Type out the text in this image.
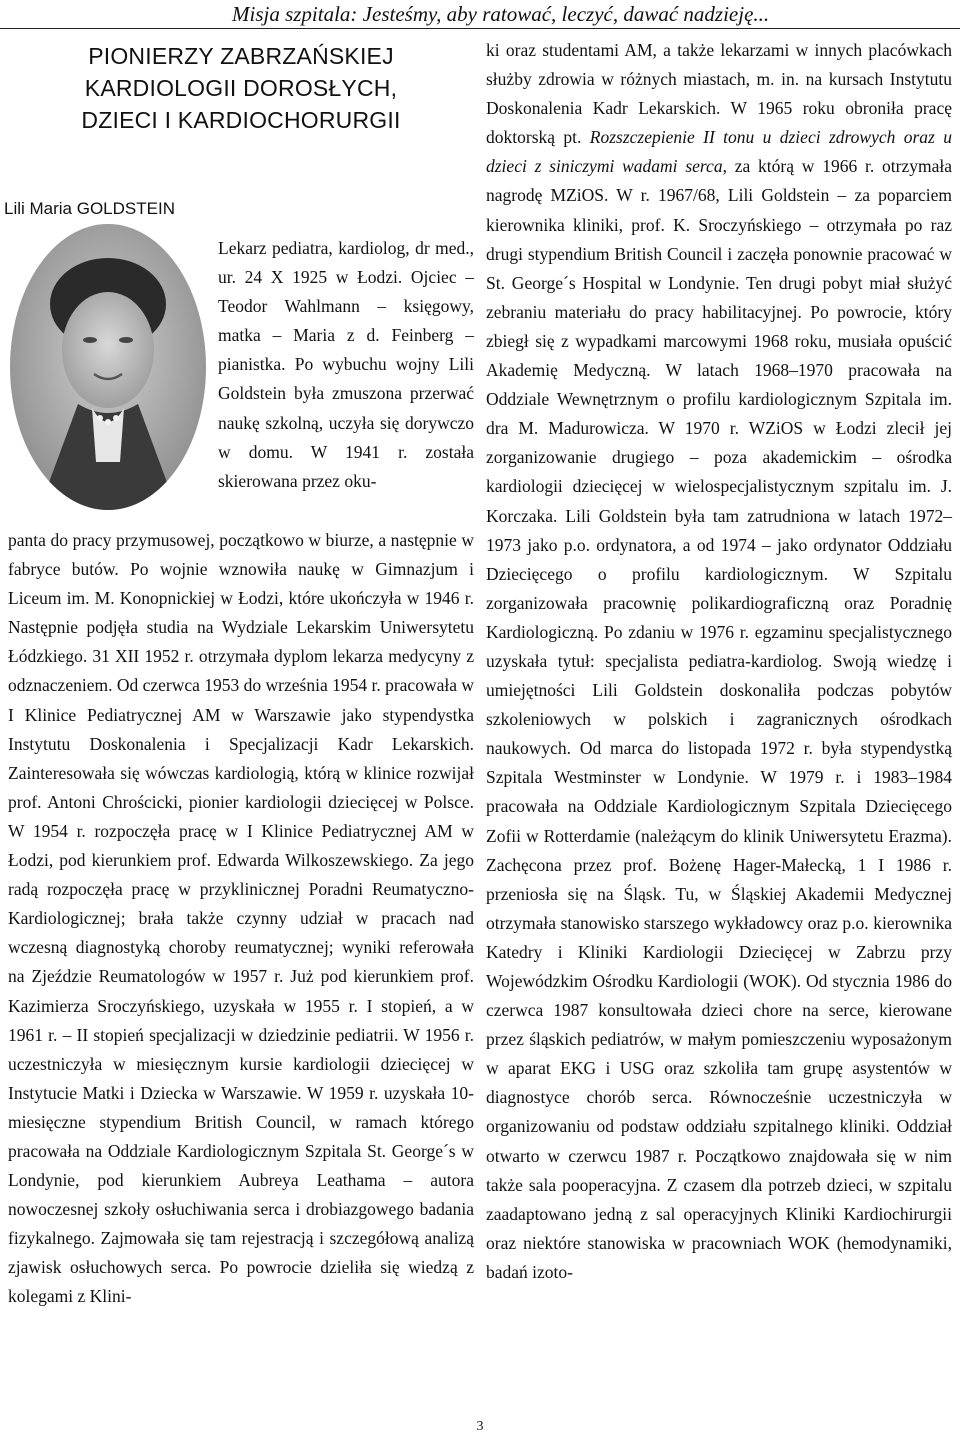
Misja szpitala: Jesteśmy, aby ratować, leczyć, dawać nadzieję...
PIONIERZY ZABRZAŃSKIEJ
KARDIOLOGII DOROSŁYCH,
DZIECI I KARDIOCHORURGII
Lili Maria GOLDSTEIN

Lekarz pediatra, kardiolog, dr med., ur. 24 X 1925 w Łodzi. Ojciec – Teodor Wahlmann – księgowy, matka – Maria z d. Feinberg – pianistka. Po wybuchu wojny Lili Goldstein była zmuszona przerwać naukę szkolną, uczyła się dorywczo w domu. W 1941 r. została skierowana przez oku-

panta do pracy przymusowej, początkowo w biurze, a następnie w fabryce butów. Po wojnie wznowiła naukę w Gimnazjum i Liceum im. M. Konopnickiej w Łodzi, które ukończyła w 1946 r. Następnie podjęła studia na Wydziale Lekarskim Uniwersytetu Łódzkiego. 31 XII 1952 r. otrzymała dyplom lekarza medycyny z odznaczeniem. Od czerwca 1953 do września 1954 r. pracowała w I Klinice Pediatrycznej AM w Warszawie jako stypendystka Instytutu Doskonalenia i Specjalizacji Kadr Lekarskich. Zainteresowała się wówczas kardiologią, którą w klinice rozwijał prof. Antoni Chrościcki, pionier kardiologii dziecięcej w Polsce. W 1954 r. rozpoczęła pracę w I Klinice Pediatrycznej AM w Łodzi, pod kierunkiem prof. Edwarda Wilkoszewskiego. Za jego radą rozpoczęła pracę w przyklinicznej Poradni Reumatyczno-Kardiologicznej; brała także czynny udział w pracach nad wczesną diagnostyką choroby reumatycznej; wyniki referowała na Zjeździe Reumatologów w 1957 r. Już pod kierunkiem prof. Kazimierza Sroczyńskiego, uzyskała w 1955 r. I stopień, a w 1961 r. – II stopień specjalizacji w dziedzinie pediatrii. W 1956 r. uczestniczyła w miesięcznym kursie kardiologii dziecięcej w Instytucie Matki i Dziecka w Warszawie. W 1959 r. uzyskała 10-miesięczne stypendium British Council, w ramach którego pracowała na Oddziale Kardiologicznym Szpitala St. George´s w Londynie, pod kierunkiem Aubreya Leathama – autora nowoczesnej szkoły osłuchiwania serca i drobiazgowego badania fizykalnego. Zajmowała się tam rejestracją i szczegółową analizą zjawisk osłuchowych serca. Po powrocie dzieliła się wiedzą z kolegami z Klini-

ki oraz studentami AM, a także lekarzami w innych placówkach służby zdrowia w różnych miastach, m. in. na kursach Instytutu Doskonalenia Kadr Lekarskich. W 1965 roku obroniła pracę doktorską pt. Rozszczepienie II tonu u dzieci zdrowych oraz u dzieci z siniczymi wadami serca, za którą w 1966 r. otrzymała nagrodę MZiOS. W r. 1967/68, Lili Goldstein – za poparciem kierownika kliniki, prof. K. Sroczyńskiego – otrzymała po raz drugi stypendium British Council i zaczęła ponownie pracować w St. George´s Hospital w Londynie. Ten drugi pobyt miał służyć zebraniu materiału do pracy habilitacyjnej. Po powrocie, który zbiegł się z wypadkami marcowymi 1968 roku, musiała opuścić Akademię Medyczną. W latach 1968–1970 pracowała na Oddziale Wewnętrznym o profilu kardiologicznym Szpitala im. dra M. Madurowicza. W 1970 r. WZiOS w Łodzi zlecił jej zorganizowanie drugiego – poza akademickim – ośrodka kardiologii dziecięcej w wielospecjalistycznym szpitalu im. J. Korczaka. Lili Goldstein była tam zatrudniona w latach 1972–1973 jako p.o. ordynatora, a od 1974 – jako ordynator Oddziału Dziecięcego o profilu kardiologicznym. W Szpitalu zorganizowała pracownię polikardiograficzną oraz Poradnię Kardiologiczną. Po zdaniu w 1976 r. egzaminu specjalistycznego uzyskała tytuł: specjalista pediatra-kardiolog. Swoją wiedzę i umiejętności Lili Goldstein doskonaliła podczas pobytów szkoleniowych w polskich i zagranicznych ośrodkach naukowych. Od marca do listopada 1972 r. była stypendystką Szpitala Westminster w Londynie. W 1979 r. i 1983–1984 pracowała na Oddziale Kardiologicznym Szpitala Dziecięcego Zofii w Rotterdamie (należącym do klinik Uniwersytetu Erazma). Zachęcona przez prof. Bożenę Hager-Małecką, 1 I 1986 r. przeniosła się na Śląsk. Tu, w Śląskiej Akademii Medycznej otrzymała stanowisko starszego wykładowcy oraz p.o. kierownika Katedry i Kliniki Kardiologii Dziecięcej w Zabrzu przy Wojewódzkim Ośrodku Kardiologii (WOK). Od stycznia 1986 do czerwca 1987 konsultowała dzieci chore na serce, kierowane przez śląskich pediatrów, w małym pomieszczeniu wyposażonym w aparat EKG i USG oraz szkoliła tam grupę asystentów w diagnostyce chorób serca. Równocześnie uczestniczyła w organizowaniu od podstaw oddziału szpitalnego kliniki. Oddział otwarto w czerwcu 1987 r. Początkowo znajdowała się w nim także sala pooperacyjna. Z czasem dla potrzeb dzieci, w szpitalu zaadaptowano jedną z sal operacyjnych Kliniki Kardiochirurgii oraz niektóre stanowiska w pracowniach WOK (hemodynamiki, badań izoto-

3
